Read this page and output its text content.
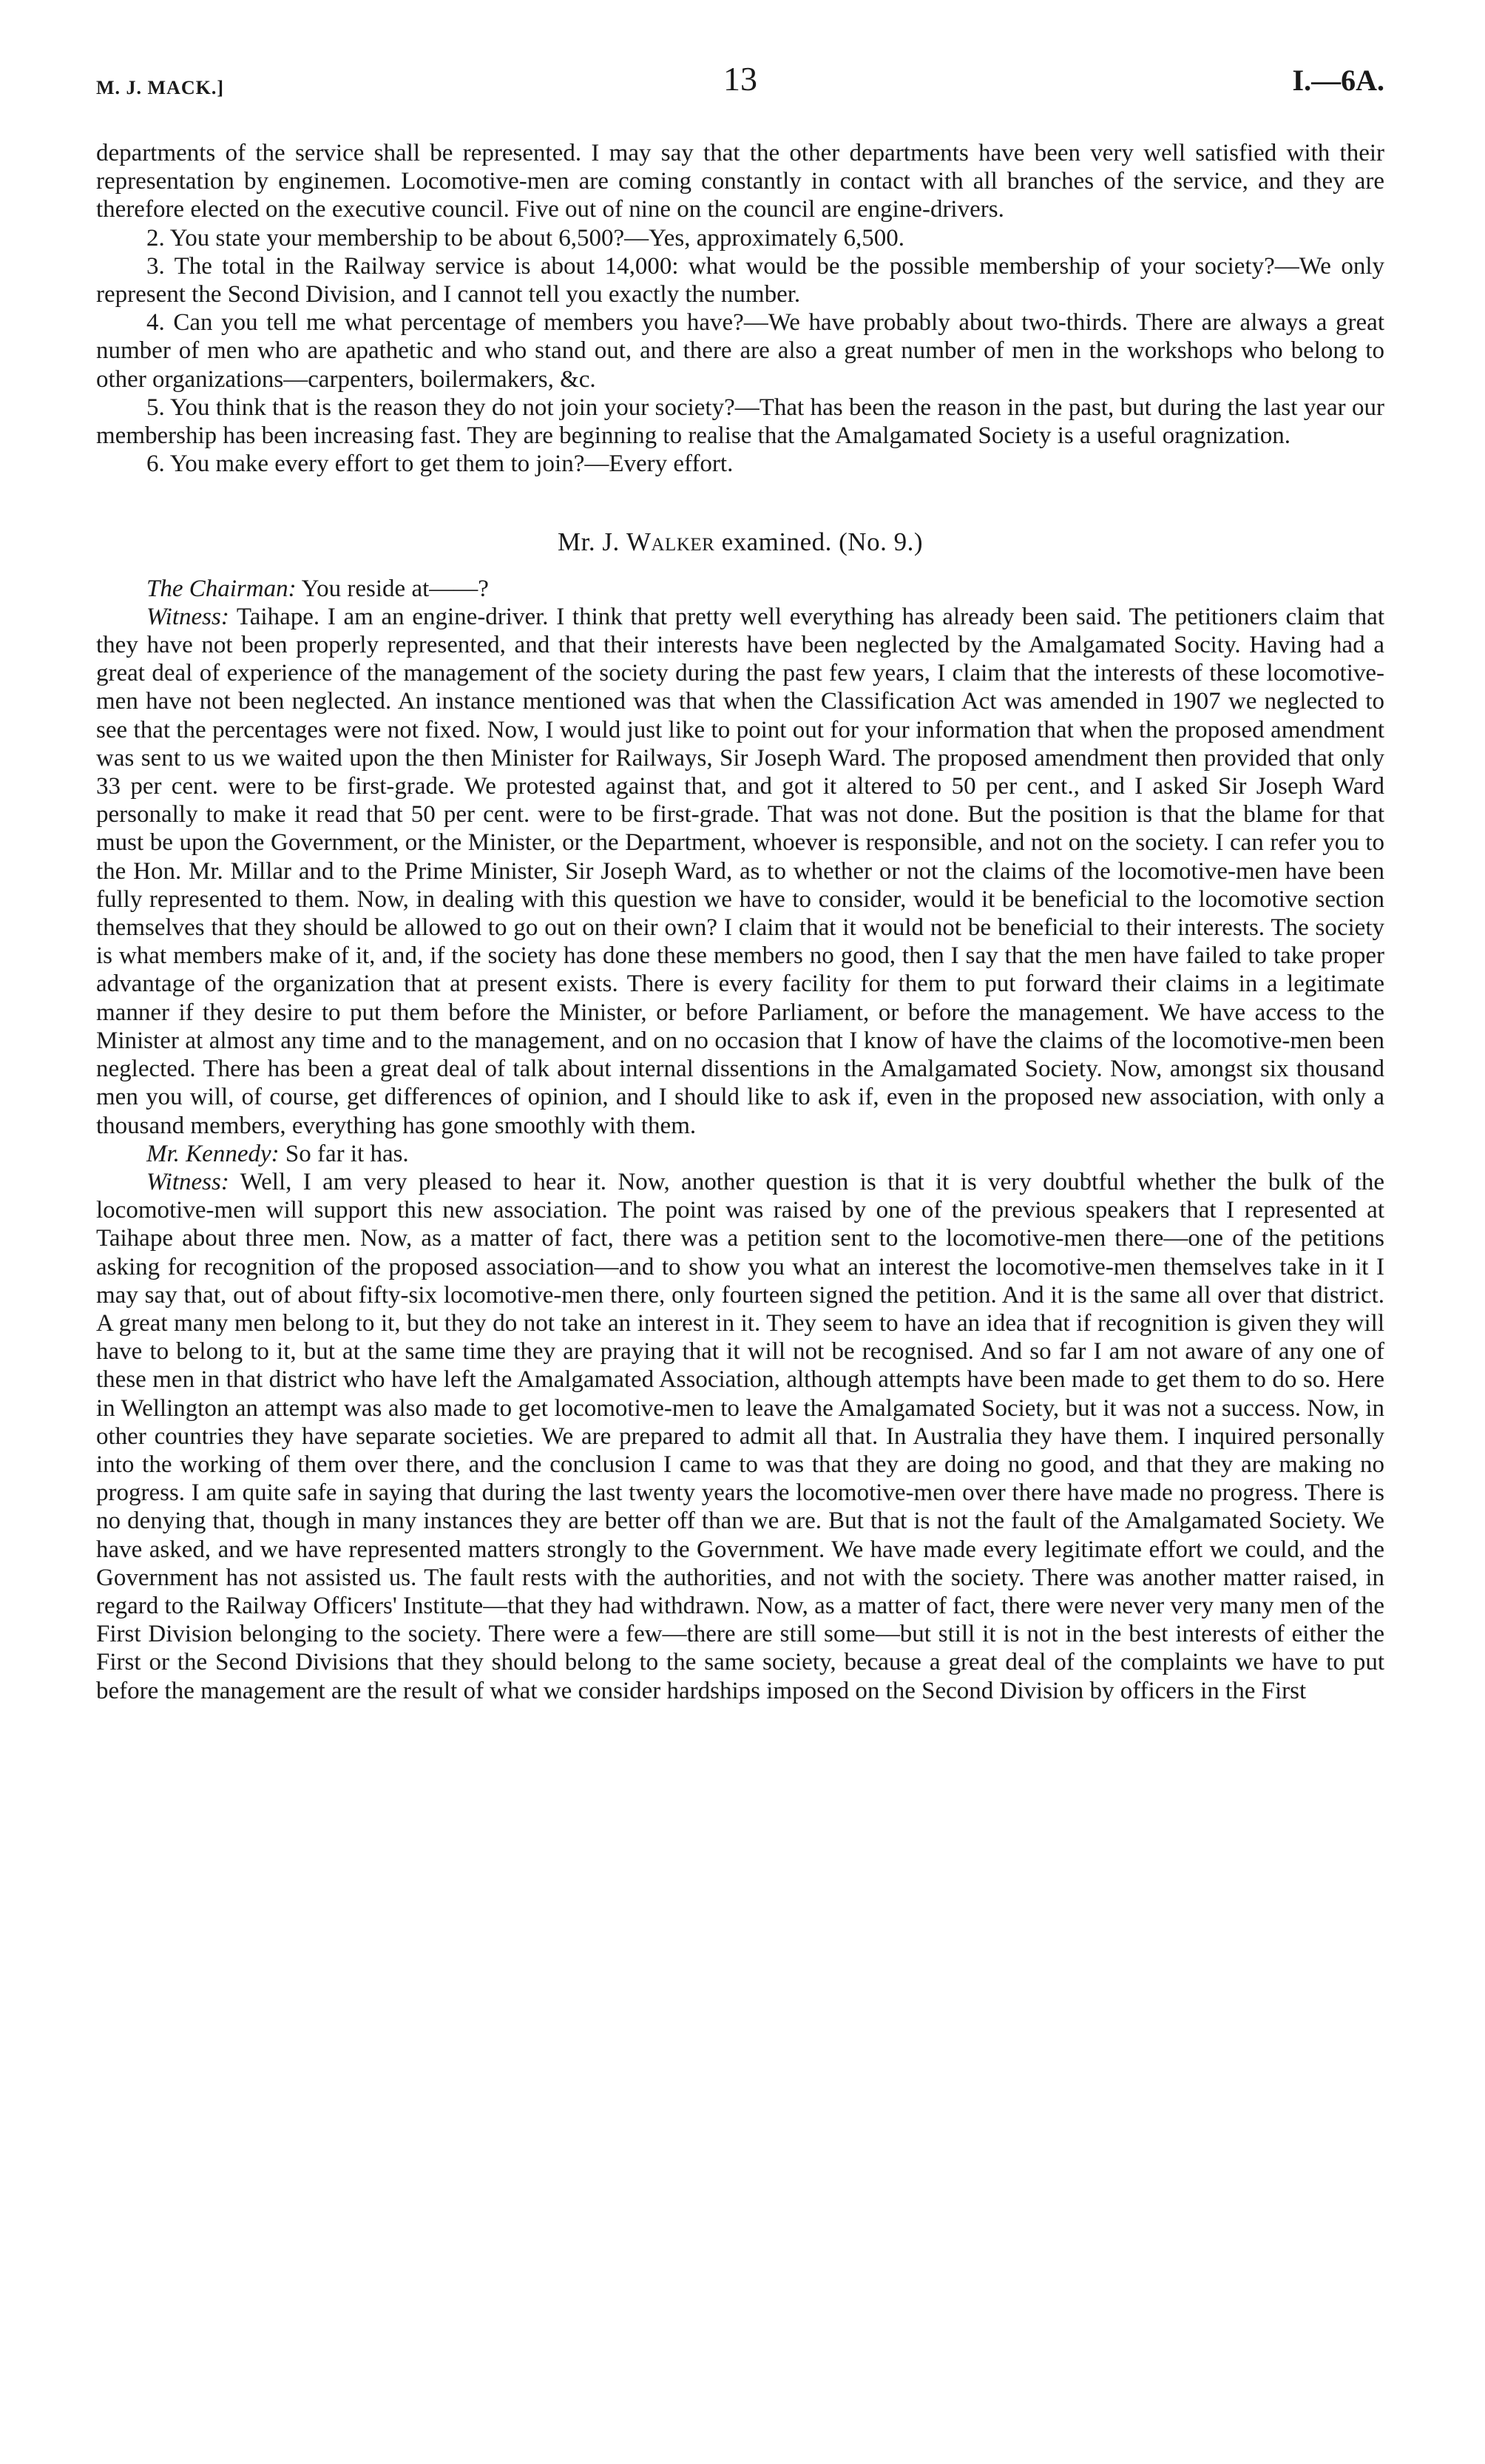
M. J. MACK.]	13	I.—6A.

departments of the service shall be represented. I may say that the other departments have been very well satisfied with their representation by enginemen. Locomotive-men are coming constantly in contact with all branches of the service, and they are therefore elected on the executive council. Five out of nine on the council are engine-drivers.

2. You state your membership to be about 6,500?—Yes, approximately 6,500.

3. The total in the Railway service is about 14,000: what would be the possible membership of your society?—We only represent the Second Division, and I cannot tell you exactly the number.

4. Can you tell me what percentage of members you have?—We have probably about two-thirds. There are always a great number of men who are apathetic and who stand out, and there are also a great number of men in the workshops who belong to other organizations—carpenters, boilermakers, &c.

5. You think that is the reason they do not join your society?—That has been the reason in the past, but during the last year our membership has been increasing fast. They are beginning to realise that the Amalgamated Society is a useful oragnization.

6. You make every effort to get them to join?—Every effort.

Mr. J. Walker examined. (No. 9.)

The Chairman: You reside at——?

Witness: Taihape. I am an engine-driver. I think that pretty well everything has already been said. The petitioners claim that they have not been properly represented, and that their interests have been neglected by the Amalgamated Socity. Having had a great deal of experience of the management of the society during the past few years, I claim that the interests of these locomotive-men have not been neglected. An instance mentioned was that when the Classification Act was amended in 1907 we neglected to see that the percentages were not fixed. Now, I would just like to point out for your information that when the proposed amendment was sent to us we waited upon the then Minister for Railways, Sir Joseph Ward. The proposed amendment then provided that only 33 per cent. were to be first-grade. We protested against that, and got it altered to 50 per cent., and I asked Sir Joseph Ward personally to make it read that 50 per cent. were to be first-grade. That was not done. But the position is that the blame for that must be upon the Government, or the Minister, or the Department, whoever is responsible, and not on the society. I can refer you to the Hon. Mr. Millar and to the Prime Minister, Sir Joseph Ward, as to whether or not the claims of the locomotive-men have been fully represented to them. Now, in dealing with this question we have to consider, would it be beneficial to the locomotive section themselves that they should be allowed to go out on their own? I claim that it would not be beneficial to their interests. The society is what members make of it, and, if the society has done these members no good, then I say that the men have failed to take proper advantage of the organization that at present exists. There is every facility for them to put forward their claims in a legitimate manner if they desire to put them before the Minister, or before Parliament, or before the management. We have access to the Minister at almost any time and to the management, and on no occasion that I know of have the claims of the locomotive-men been neglected. There has been a great deal of talk about internal dissentions in the Amalgamated Society. Now, amongst six thousand men you will, of course, get differences of opinion, and I should like to ask if, even in the proposed new association, with only a thousand members, everything has gone smoothly with them.

Mr. Kennedy: So far it has.

Witness: Well, I am very pleased to hear it. Now, another question is that it is very doubtful whether the bulk of the locomotive-men will support this new association. The point was raised by one of the previous speakers that I represented at Taihape about three men. Now, as a matter of fact, there was a petition sent to the locomotive-men there—one of the petitions asking for recognition of the proposed association—and to show you what an interest the locomotive-men themselves take in it I may say that, out of about fifty-six locomotive-men there, only fourteen signed the petition. And it is the same all over that district. A great many men belong to it, but they do not take an interest in it. They seem to have an idea that if recognition is given they will have to belong to it, but at the same time they are praying that it will not be recognised. And so far I am not aware of any one of these men in that district who have left the Amalgamated Association, although attempts have been made to get them to do so. Here in Wellington an attempt was also made to get locomotive-men to leave the Amalgamated Society, but it was not a success. Now, in other countries they have separate societies. We are prepared to admit all that. In Australia they have them. I inquired personally into the working of them over there, and the conclusion I came to was that they are doing no good, and that they are making no progress. I am quite safe in saying that during the last twenty years the locomotive-men over there have made no progress. There is no denying that, though in many instances they are better off than we are. But that is not the fault of the Amalgamated Society. We have asked, and we have represented matters strongly to the Government. We have made every legitimate effort we could, and the Government has not assisted us. The fault rests with the authorities, and not with the society. There was another matter raised, in regard to the Railway Officers' Institute—that they had withdrawn. Now, as a matter of fact, there were never very many men of the First Division belonging to the society. There were a few—there are still some—but still it is not in the best interests of either the First or the Second Divisions that they should belong to the same society, because a great deal of the complaints we have to put before the management are the result of what we consider hardships imposed on the Second Division by officers in the First
